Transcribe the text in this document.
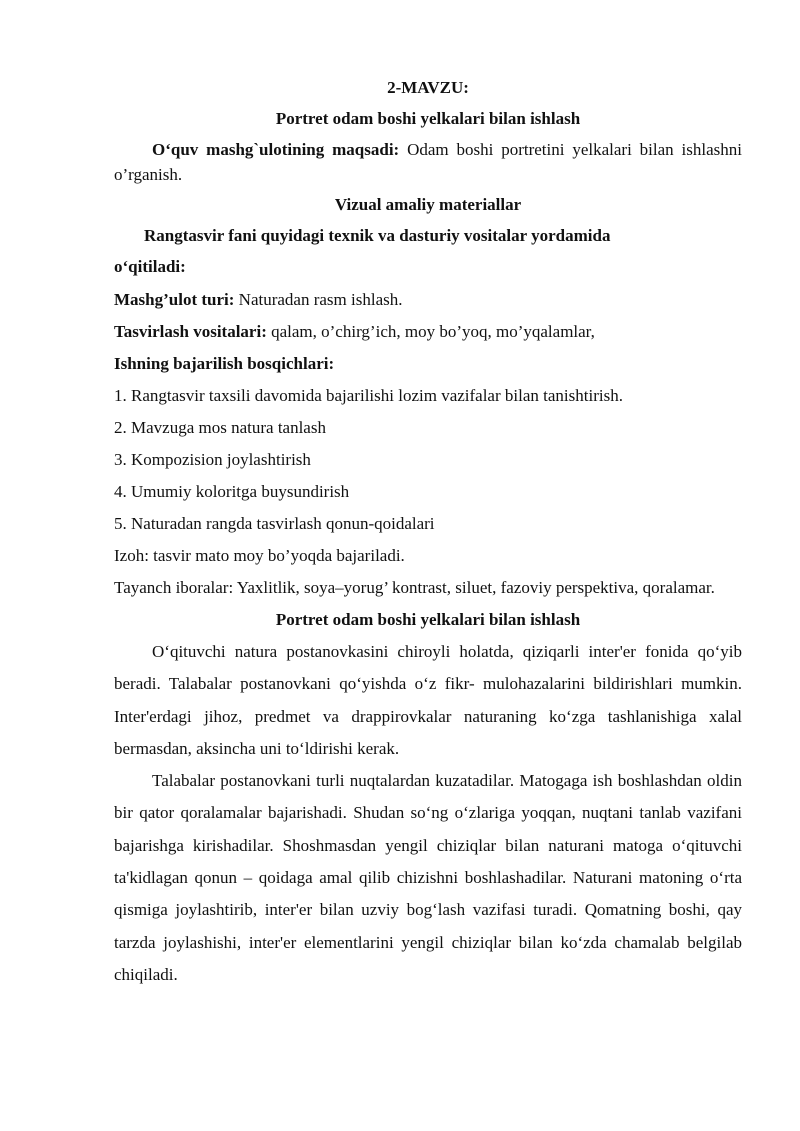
2-MAVZU:

Portret odam boshi yelkalari bilan ishlash

O‘quv mashg`ulotining maqsadi: Odam boshi portretini yelkalari bilan ishlashni o’rganish.

Vizual amaliy materiallar

Rangtasvir fani quyidagi texnik va dasturiy vositalar yordamida

o‘qitiladi:

Mashg’ulot turi: Naturadan rasm ishlash.

Tasvirlash vositalari: qalam, o’chirg’ich, moy bo’yoq, mo’yqalamlar,

Ishning bajarilish bosqichlari:

1. Rangtasvir taxsili davomida bajarilishi lozim vazifalar bilan tanishtirish.

2. Mavzuga mos natura tanlash

3. Kompozision joylashtirish

4. Umumiy koloritga buysundirish

5. Naturadan rangda tasvirlash qonun-qoidalari

Izoh: tasvir mato moy bo’yoqda bajariladi.

Tayanch iboralar: Yaxlitlik, soya–yorug’ kontrast, siluet, fazoviy perspektiva, qoralamar.

Portret odam boshi yelkalari bilan ishlash

O‘qituvchi natura postanovkasini chiroyli holatda, qiziqarli inter'er fonida qo‘yib beradi. Talabalar postanovkani qo‘yishda o‘z fikr- mulohazalarini bildirishlari mumkin. Inter'erdagi jihoz, predmet va drappirovkalar naturaning ko‘zga tashlanishiga xalal bermasdan, aksincha uni to‘ldirishi kerak.

Talabalar postanovkani turli nuqtalardan kuzatadilar. Matogaga ish boshlashdan oldin bir qator qoralamalar bajarishadi. Shudan so‘ng o‘zlariga yoqqan, nuqtani tanlab vazifani bajarishga kirishadilar. Shoshmasdan yengil chiziqlar bilan naturani matoga o‘qituvchi ta'kidlagan qonun – qoidaga amal qilib chizishni boshlashadilar. Naturani matoning o‘rta qismiga joylashtirib, inter'er bilan uzviy bog‘lash vazifasi turadi. Qomatning boshi, qay tarzda joylashishi, inter'er elementlarini yengil chiziqlar bilan ko‘zda chamalab belgilab chiqiladi.
